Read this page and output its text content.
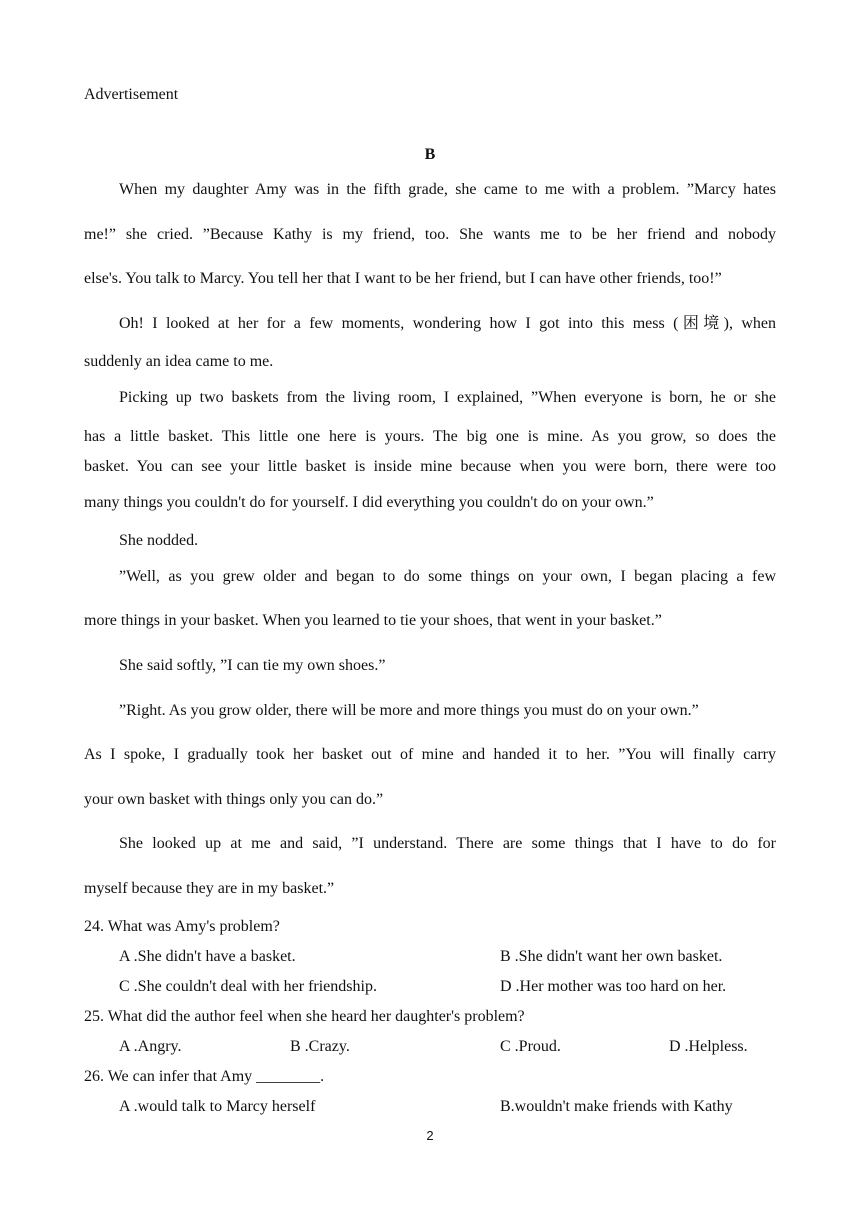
Advertisement
B
When my daughter Amy was in the fifth grade, she came to me with a problem. ”Marcy hates
me!” she cried. ”Because Kathy is my friend, too. She wants me to be her friend and nobody
else's. You talk to Marcy. You tell her that I want to be her friend, but I can have other friends, too!”
Oh! I looked at her for a few moments, wondering how I got into this mess (困境), when
suddenly an idea came to me.
Picking up two baskets from the living room, I explained, ”When everyone is born, he or she
has a little basket. This little one here is yours. The big one is mine. As you grow, so does the
basket. You can see your little basket is inside mine because when you were born, there were too
many things you couldn't do for yourself. I did everything you couldn't do on your own.”
She nodded.
”Well, as you grew older and began to do some things on your own, I began placing a few
more things in your basket. When you learned to tie your shoes, that went in your basket.”
She said softly, ”I can tie my own shoes.”
”Right. As you grow older, there will be more and more things you must do on your own.”
As I spoke, I gradually took her basket out of mine and handed it to her. ”You will finally carry
your own basket with things only you can do.”
She looked up at me and said, ”I understand. There are some things that I have to do for
myself because they are in my basket.”
24. What was Amy's problem?
A .She didn't have a basket.	B .She didn't want her own basket.
C .She couldn't deal with her friendship.	D .Her mother was too hard on her.
25. What did the author feel when she heard her daughter's problem?
A .Angry.	B .Crazy.	C .Proud.	D .Helpless.
26. We can infer that Amy ________.
A .would talk to Marcy herself	B.wouldn't make friends with Kathy
2
